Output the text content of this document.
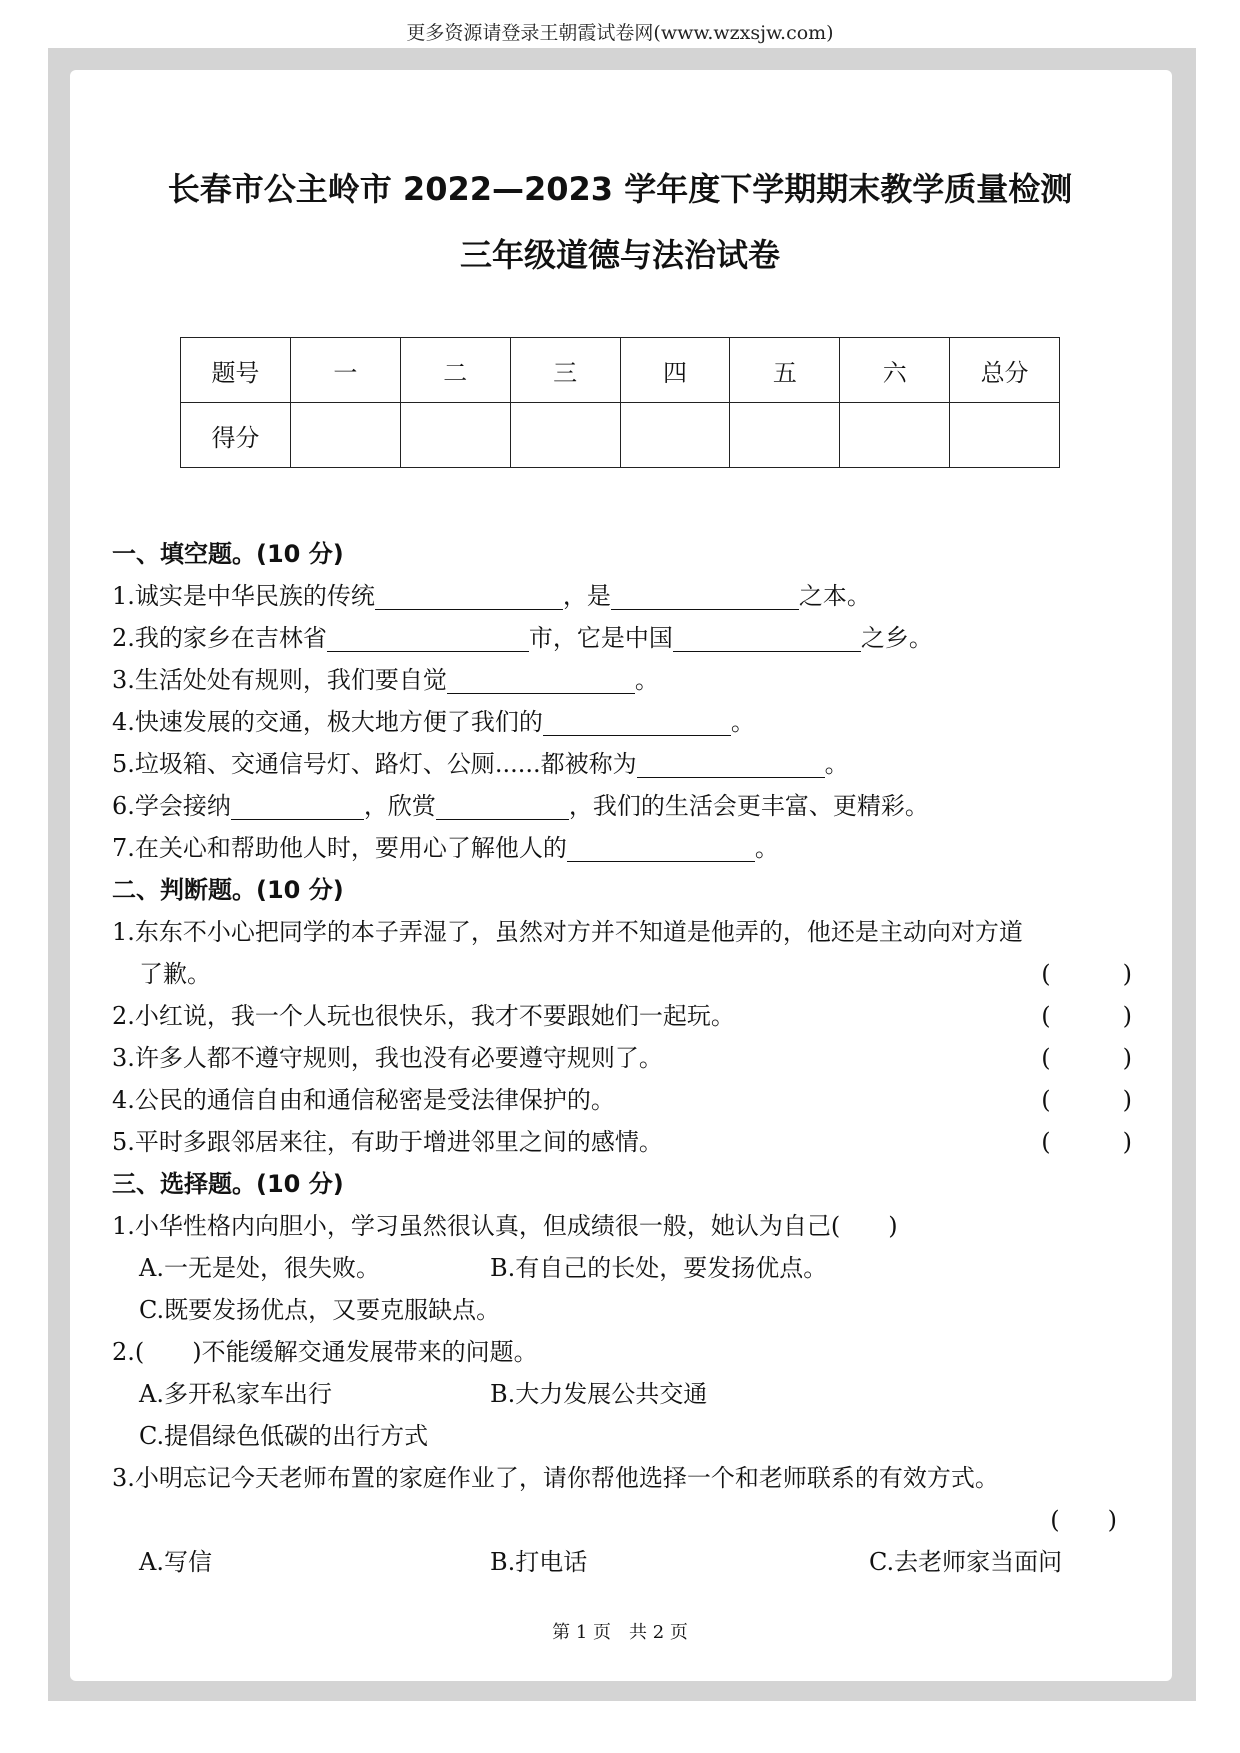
更多资源请登录王朝霞试卷网(www.wzxsjw.com)
长春市公主岭市 2022—2023 学年度下学期期末教学质量检测
三年级道德与法治试卷
题号	一	二	三	四	五	六	总分
得分							
一、填空题。(10 分)
1.诚实是中华民族的传统	，是	之本。
2.我的家乡在吉林省	市，它是中国	之乡。
3.生活处处有规则，我们要自觉	。
4.快速发展的交通，极大地方便了我们的	。
5.垃圾箱、交通信号灯、路灯、公厕......都被称为	。
6.学会接纳	，欣赏	，我们的生活会更丰富、更精彩。
7.在关心和帮助他人时，要用心了解他人的	。
二、判断题。(10 分)
1.东东不小心把同学的本子弄湿了，虽然对方并不知道是他弄的，他还是主动向对方道
了歉。	(　　　)
2.小红说，我一个人玩也很快乐，我才不要跟她们一起玩。	(　　　)
3.许多人都不遵守规则，我也没有必要遵守规则了。	(　　　)
4.公民的通信自由和通信秘密是受法律保护的。	(　　　)
5.平时多跟邻居来往，有助于增进邻里之间的感情。	(　　　)
三、选择题。(10 分)
1.小华性格内向胆小，学习虽然很认真，但成绩很一般，她认为自己(　　)
A.一无是处，很失败。	B.有自己的长处，要发扬优点。
C.既要发扬优点，又要克服缺点。
2.(　　)不能缓解交通发展带来的问题。
A.多开私家车出行	B.大力发展公共交通
C.提倡绿色低碳的出行方式
3.小明忘记今天老师布置的家庭作业了，请你帮他选择一个和老师联系的有效方式。
(　　)
A.写信	B.打电话	C.去老师家当面问
第 1 页　共 2 页
